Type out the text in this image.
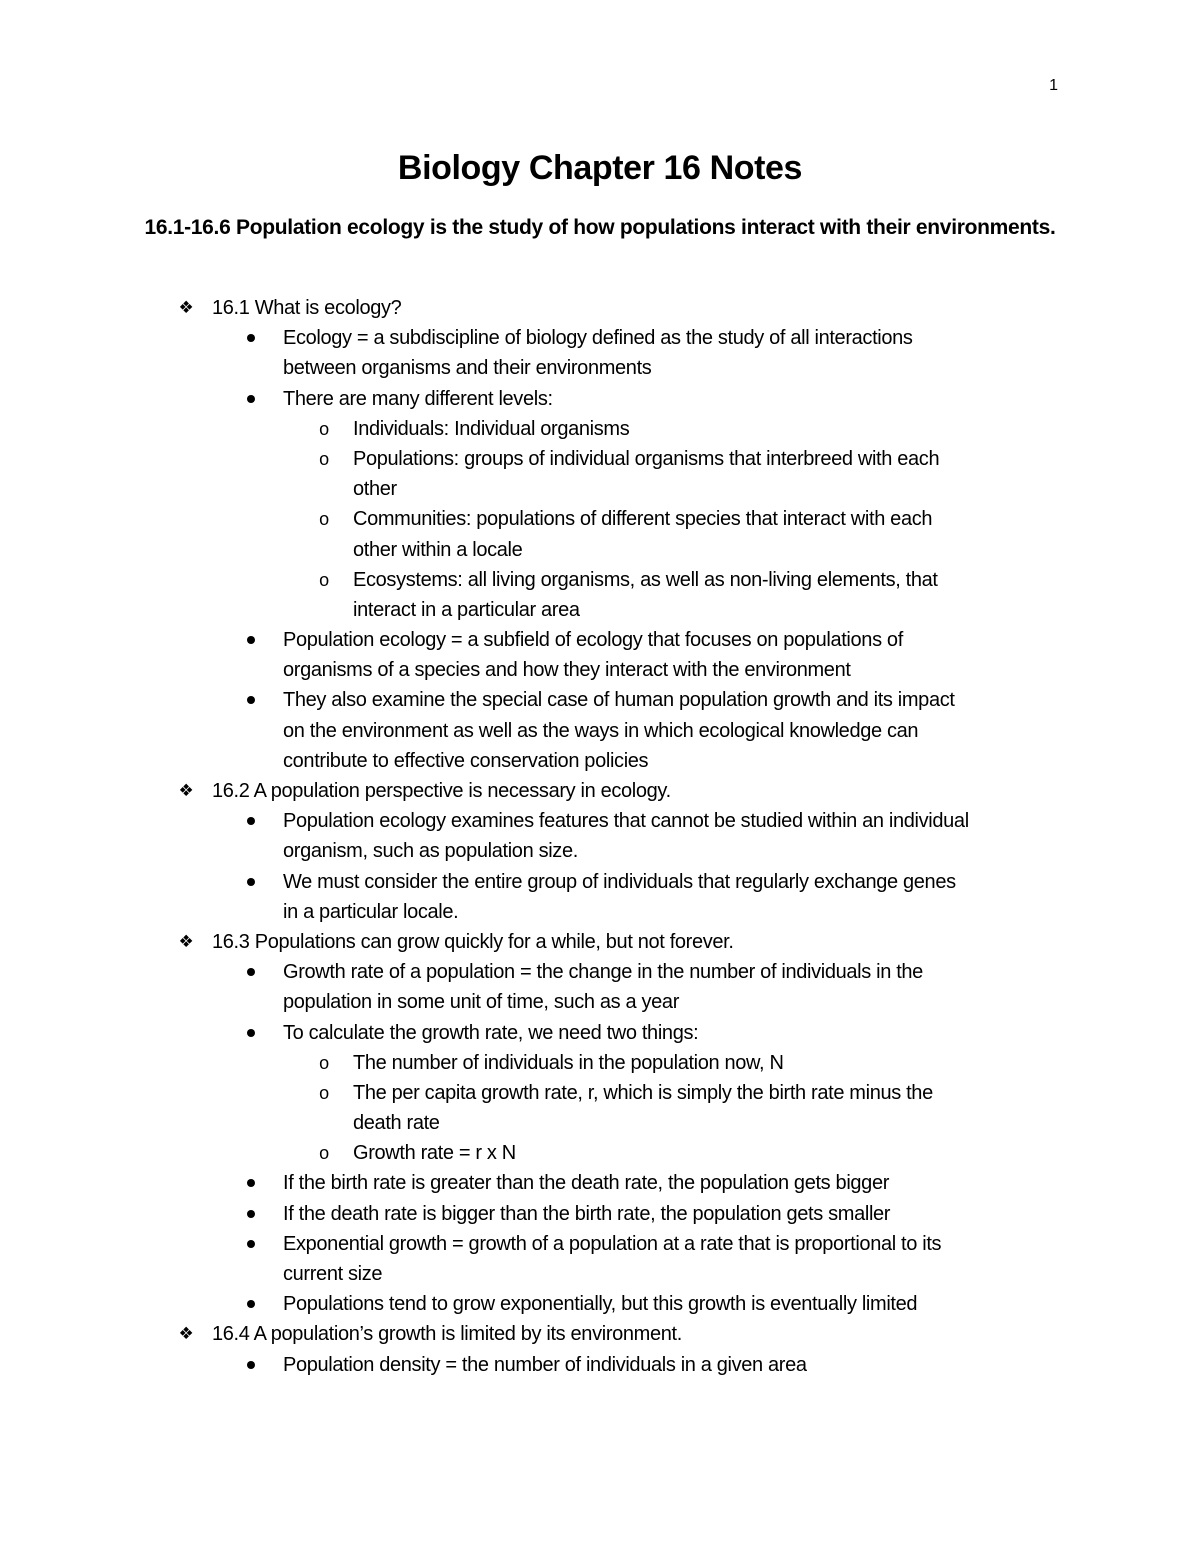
1
Biology Chapter 16 Notes
16.1-16.6 Population ecology is the study of how populations interact with their environments.
❖ 16.1 What is ecology?
Ecology = a subdiscipline of biology defined as the study of all interactions
between organisms and their environments
There are many different levels:
o Individuals: Individual organisms
o Populations: groups of individual organisms that interbreed with each
other
o Communities: populations of different species that interact with each
other within a locale
o Ecosystems: all living organisms, as well as non-living elements, that
interact in a particular area
Population ecology = a subfield of ecology that focuses on populations of
organisms of a species and how they interact with the environment
They also examine the special case of human population growth and its impact
on the environment as well as the ways in which ecological knowledge can
contribute to effective conservation policies
❖ 16.2 A population perspective is necessary in ecology.
Population ecology examines features that cannot be studied within an individual
organism, such as population size.
We must consider the entire group of individuals that regularly exchange genes
in a particular locale.
❖ 16.3 Populations can grow quickly for a while, but not forever.
Growth rate of a population = the change in the number of individuals in the
population in some unit of time, such as a year
To calculate the growth rate, we need two things:
o The number of individuals in the population now, N
o The per capita growth rate, r, which is simply the birth rate minus the
death rate
o Growth rate = r x N
If the birth rate is greater than the death rate, the population gets bigger
If the death rate is bigger than the birth rate, the population gets smaller
Exponential growth = growth of a population at a rate that is proportional to its
current size
Populations tend to grow exponentially, but this growth is eventually limited
❖ 16.4 A population’s growth is limited by its environment.
Population density = the number of individuals in a given area
